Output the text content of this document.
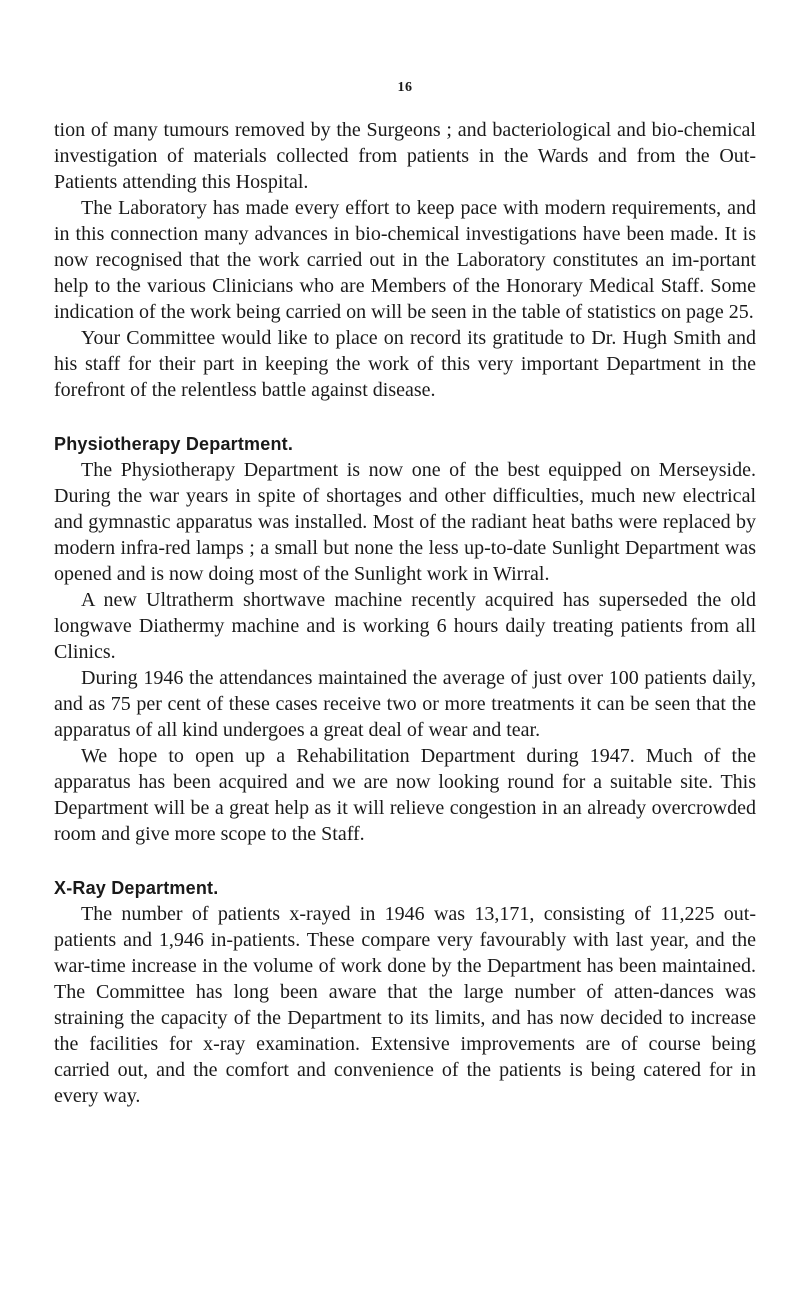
16

tion of many tumours removed by the Surgeons ; and bacteriological and bio-chemical investigation of materials collected from patients in the Wards and from the Out-Patients attending this Hospital.

The Laboratory has made every effort to keep pace with modern requirements, and in this connection many advances in bio-chemical investigations have been made. It is now recognised that the work carried out in the Laboratory constitutes an im-portant help to the various Clinicians who are Members of the Honorary Medical Staff. Some indication of the work being carried on will be seen in the table of statistics on page 25.

Your Committee would like to place on record its gratitude to Dr. Hugh Smith and his staff for their part in keeping the work of this very important Department in the forefront of the relentless battle against disease.

Physiotherapy Department.

The Physiotherapy Department is now one of the best equipped on Merseyside. During the war years in spite of shortages and other difficulties, much new electrical and gymnastic apparatus was installed. Most of the radiant heat baths were replaced by modern infra-red lamps ; a small but none the less up-to-date Sunlight Department was opened and is now doing most of the Sunlight work in Wirral.

A new Ultratherm shortwave machine recently acquired has superseded the old longwave Diathermy machine and is working 6 hours daily treating patients from all Clinics.

During 1946 the attendances maintained the average of just over 100 patients daily, and as 75 per cent of these cases receive two or more treatments it can be seen that the apparatus of all kind undergoes a great deal of wear and tear.

We hope to open up a Rehabilitation Department during 1947. Much of the apparatus has been acquired and we are now looking round for a suitable site. This Department will be a great help as it will relieve congestion in an already overcrowded room and give more scope to the Staff.

X-Ray Department.

The number of patients x-rayed in 1946 was 13,171, consisting of 11,225 out-patients and 1,946 in-patients. These compare very favourably with last year, and the war-time increase in the volume of work done by the Department has been maintained. The Committee has long been aware that the large number of atten-dances was straining the capacity of the Department to its limits, and has now decided to increase the facilities for x-ray examination. Extensive improvements are of course being carried out, and the comfort and convenience of the patients is being catered for in every way.
